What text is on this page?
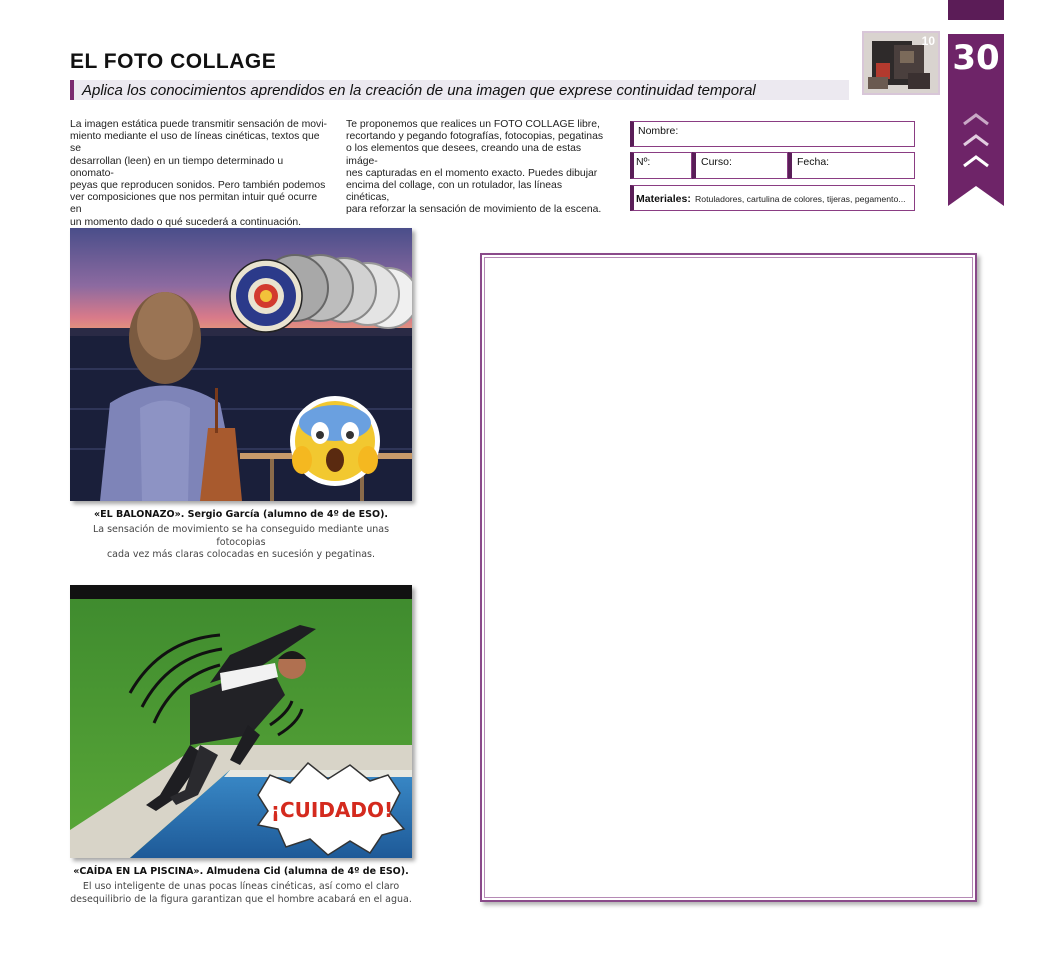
EL FOTO COLLAGE
Aplica los conocimientos aprendidos en la creación de una imagen que exprese continuidad temporal
La imagen estática puede transmitir sensación de movi-
miento mediante el uso de líneas cinéticas, textos que se
desarrollan (leen) en un tiempo determinado u onomato-
peyas que reproducen sonidos. Pero también podemos
ver composiciones que nos permitan intuir qué ocurre en
un momento dado o qué sucederá a continuación.
Te proponemos que realices un FOTO COLLAGE libre,
recortando y pegando fotografías, fotocopias, pegatinas
o los elementos que desees, creando una de estas imáge-
nes capturadas en el momento exacto. Puedes dibujar
encima del collage, con un rotulador, las líneas cinéticas,
para reforzar la sensación de movimiento de la escena.
Nombre:
Nº:	Curso:	Fecha:
Materiales: Rotuladores, cartulina de colores, tijeras, pegamento...
10 30
«EL BALONAZO». Sergio García (alumno de 4º de ESO).
La sensación de movimiento se ha conseguido mediante unas fotocopias
cada vez más claras colocadas en sucesión y pegatinas.
¡CUIDADO!
«CAÍDA EN LA PISCINA». Almudena Cid (alumna de 4º de ESO).
El uso inteligente de unas pocas líneas cinéticas, así como el claro
desequilibrio de la figura garantizan que el hombre acabará en el agua.
